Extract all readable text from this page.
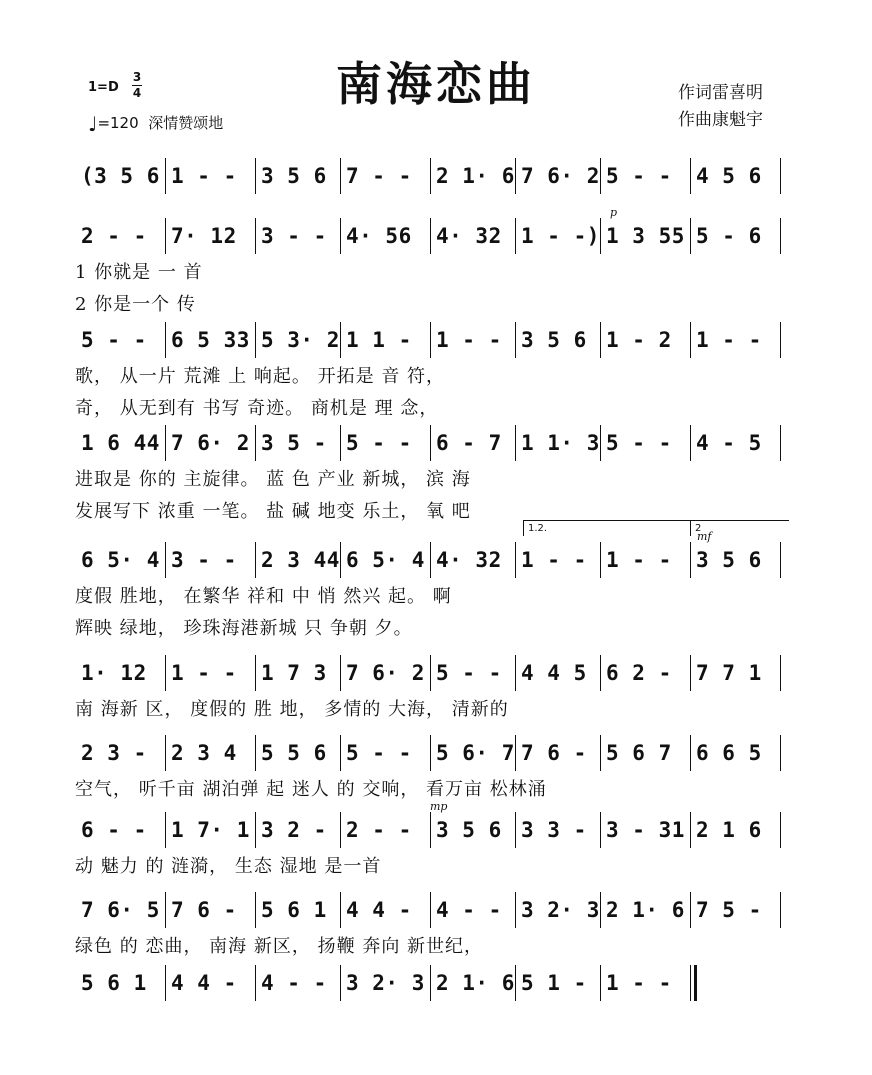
南海恋曲
1=D
3
4
♩=120 深情赞颂地
作词雷喜明
作曲康魁宇
(3 5 6 1 - -	3 5 6 7 - -	2 1· 6 7 6· 2 5 - -	4 5 6
2 - -	7· 12	3 - - 4· 56	4· 32 1 - -) 1 3 55 5 - 6
1 你就是 一 首
2 你是一个 传
p
5 - -	6 5 33 5 3· 2 1 1 -	1 - - 3 5 6 1 - 2	1 - -
歌， 从一片 荒滩 上 响起。 开拓是 音 符，
奇， 从无到有 书写 奇迹。 商机是 理 念，
1 6 44 7 6· 2 3 5 - 5 - -	6 - 7 1 1· 3 5 - -	4 - 5
进取是 你的 主旋律。 蓝 色 产业 新城， 滨 海
发展写下 浓重 一笔。 盐 碱 地变 乐土， 氧 吧
6 5· 4 3 - -	2 3 44 6 5· 4 4· 32 1 - - 1 - -	3 5 6
度假 胜地， 在繁华 祥和 中 悄 然兴 起。 啊
辉映 绿地， 珍珠海港新城 只 争朝 夕。
mf
1.2.	2
1· 12	1 - -	1 7 3 7 6· 2 5 - - 4 4 5 6 2 -	7 7 1
南 海新 区， 度假的 胜 地， 多情的 大海， 清新的
2 3 -	2 3 4	5 5 6 5 - -	5 6· 7 7 6 - 5 6 7	6 6 5
空气， 听千亩 湖泊弹 起 迷人 的 交响， 看万亩 松林涌
6 - -	1 7· 1 3 2 - 2 - -	3 5 6 3 3 - 3 - 31 2 1 6
动 魅力 的 涟漪， 生态 湿地 是一首
mp
7 6· 5 7 6 -	5 6 1 4 4 -	4 - - 3 2· 3 2 1· 6 7 5 -
绿色 的 恋曲， 南海 新区， 扬鞭 奔向 新世纪，
5 6 1	4 4 -	4 - - 3 2· 3 2 1· 6 5 1 - 1 - -
